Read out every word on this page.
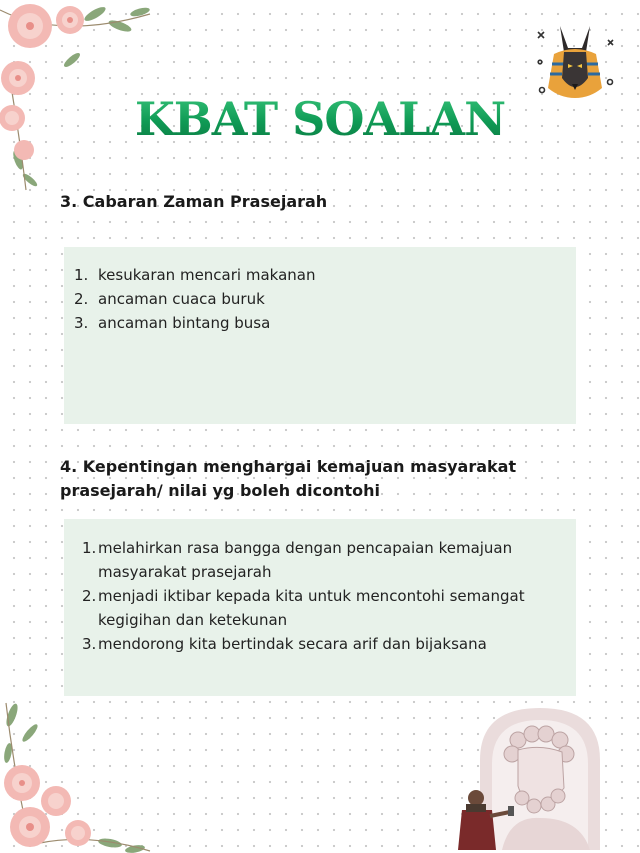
KBAT SOALAN
3. Cabaran Zaman Prasejarah
1. kesukaran mencari makanan
2. ancaman cuaca buruk
3. ancaman bintang busa
4. Kepentingan menghargai kemajuan masyarakat prasejarah/ nilai yg boleh dicontohi
1. melahirkan rasa bangga dengan pencapaian kemajuan masyarakat prasejarah
2. menjadi iktibar kepada kita untuk mencontohi semangat kegigihan dan ketekunan
3. mendorong kita bertindak secara arif dan bijaksana
